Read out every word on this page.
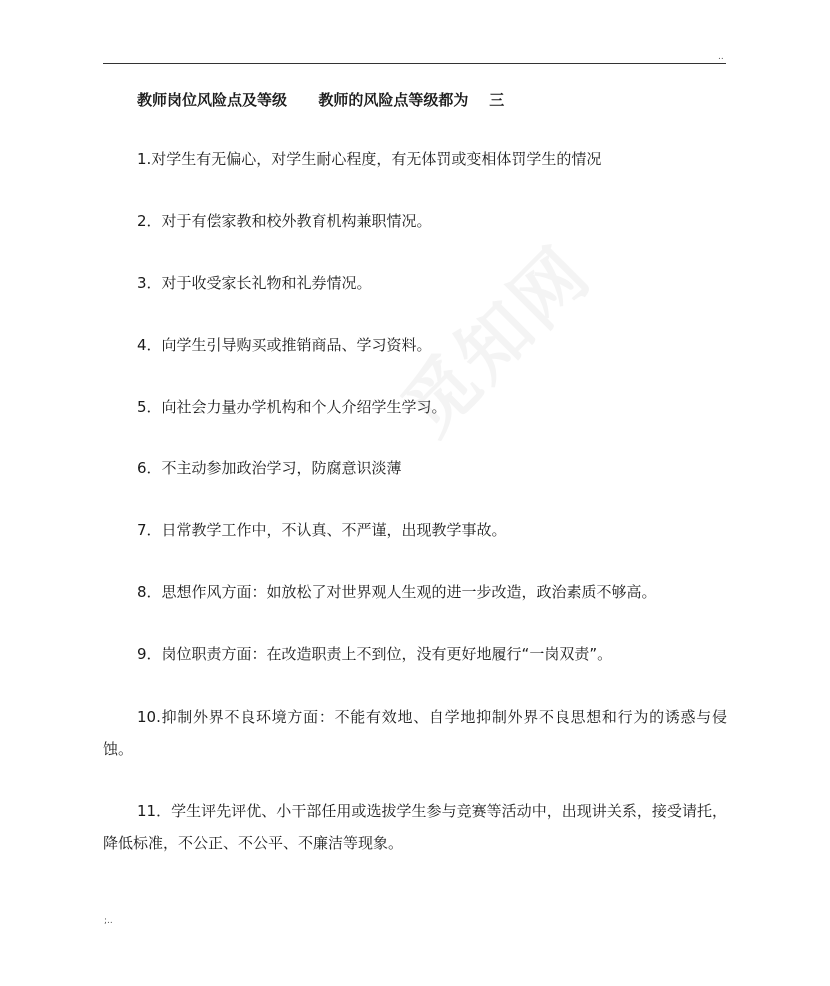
..
教师岗位风险点及等级      教师的风险点等级都为    三

1.对学生有无偏心，对学生耐心程度，有无体罚或变相体罚学生的情况

2．对于有偿家教和校外教育机构兼职情况。

3．对于收受家长礼物和礼券情况。

4．向学生引导购买或推销商品、学习资料。

5．向社会力量办学机构和个人介绍学生学习。

6．不主动参加政治学习，防腐意识淡薄

7．日常教学工作中，不认真、不严谨，出现教学事故。

8．思想作风方面：如放松了对世界观人生观的进一步改造，政治素质不够高。

9．岗位职责方面：在改造职责上不到位，没有更好地履行“一岗双责”。

10.抑制外界不良环境方面：不能有效地、自学地抑制外界不良思想和行为的诱惑与侵蚀。

11．学生评先评优、小干部任用或选拔学生参与竞赛等活动中，出现讲关系，接受请托，降低标准，不公正、不公平、不廉洁等现象。

;..
觅知网
